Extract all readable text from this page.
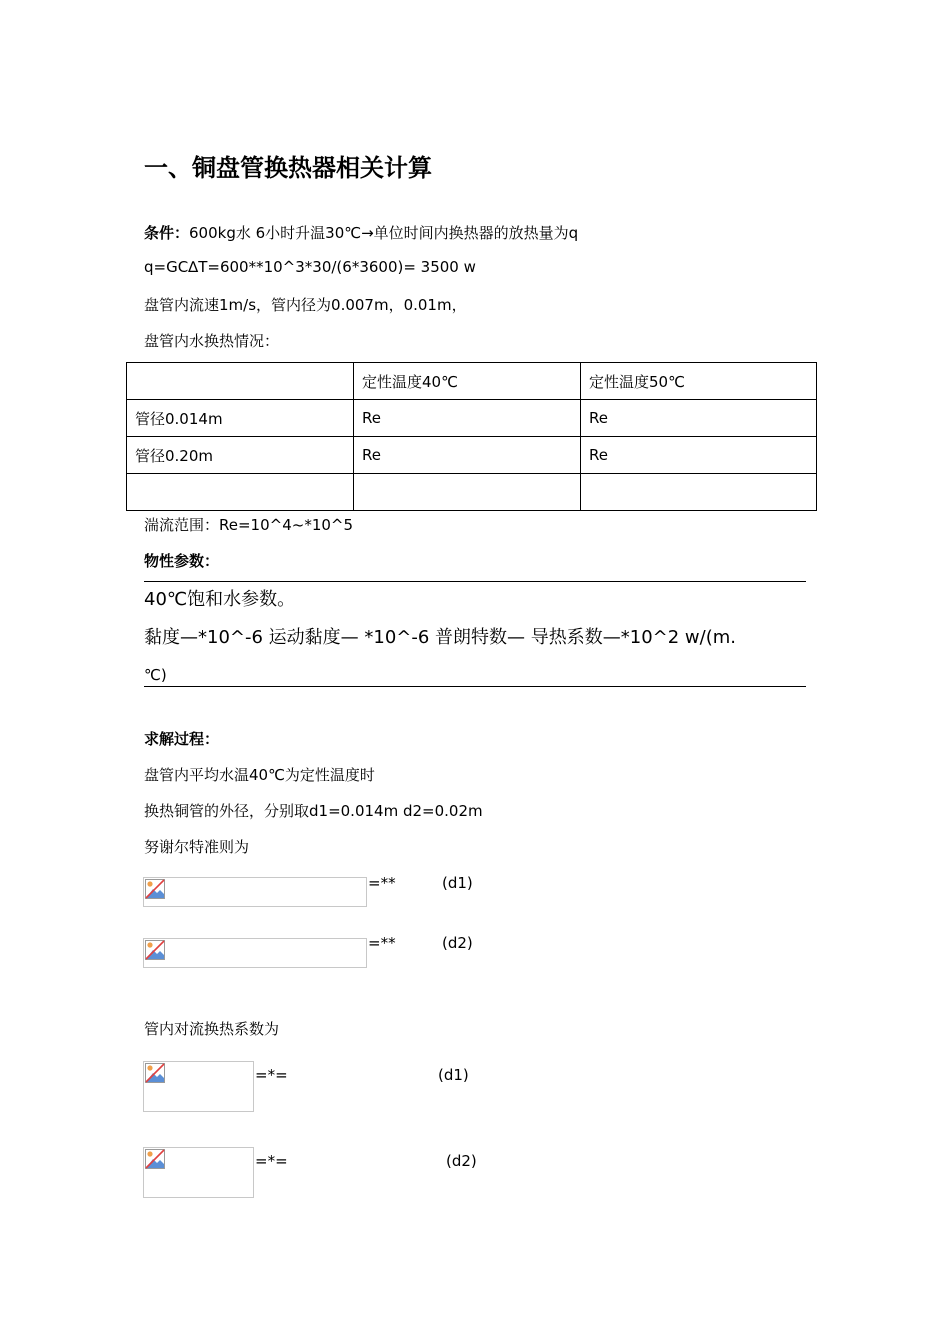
一、铜盘管换热器相关计算
条件：600kg水 6小时升温30℃→单位时间内换热器的放热量为q
q=GC∆T=600**10^3*30/(6*3600)= 3500 w
盘管内流速1m/s，管内径为0.007m，0.01m，
盘管内水换热情况：
	定性温度40℃	定性温度50℃
管径0.014m	Re	Re
管径0.20m	Re	Re

湍流范围：Re=10^4~*10^5
物性参数：
40℃饱和水参数。
黏度—*10^-6 运动黏度— *10^-6 普朗特数— 导热系数—*10^2 w/(m.
℃)
求解过程：
盘管内平均水温40℃为定性温度时
换热铜管的外径，分别取d1=0.014m d2=0.02m
努谢尔特准则为
=**	(d1)
=**	(d2)
管内对流换热系数为
=*=	(d1)
=*=	(d2)
